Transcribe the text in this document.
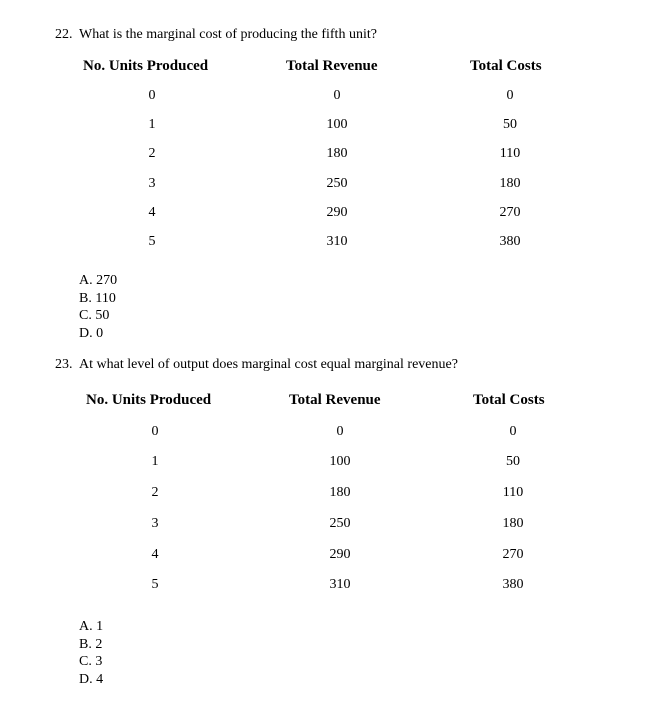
22. What is the marginal cost of producing the fifth unit?
No. Units Produced	Total Revenue	Total Costs
0	0	0
1	100	50
2	180	110
3	250	180
4	290	270
5	310	380
A. 270
B. 110
C. 50
D. 0
23. At what level of output does marginal cost equal marginal revenue?
No. Units Produced	Total Revenue	Total Costs
0	0	0
1	100	50
2	180	110
3	250	180
4	290	270
5	310	380
A. 1
B. 2
C. 3
D. 4
